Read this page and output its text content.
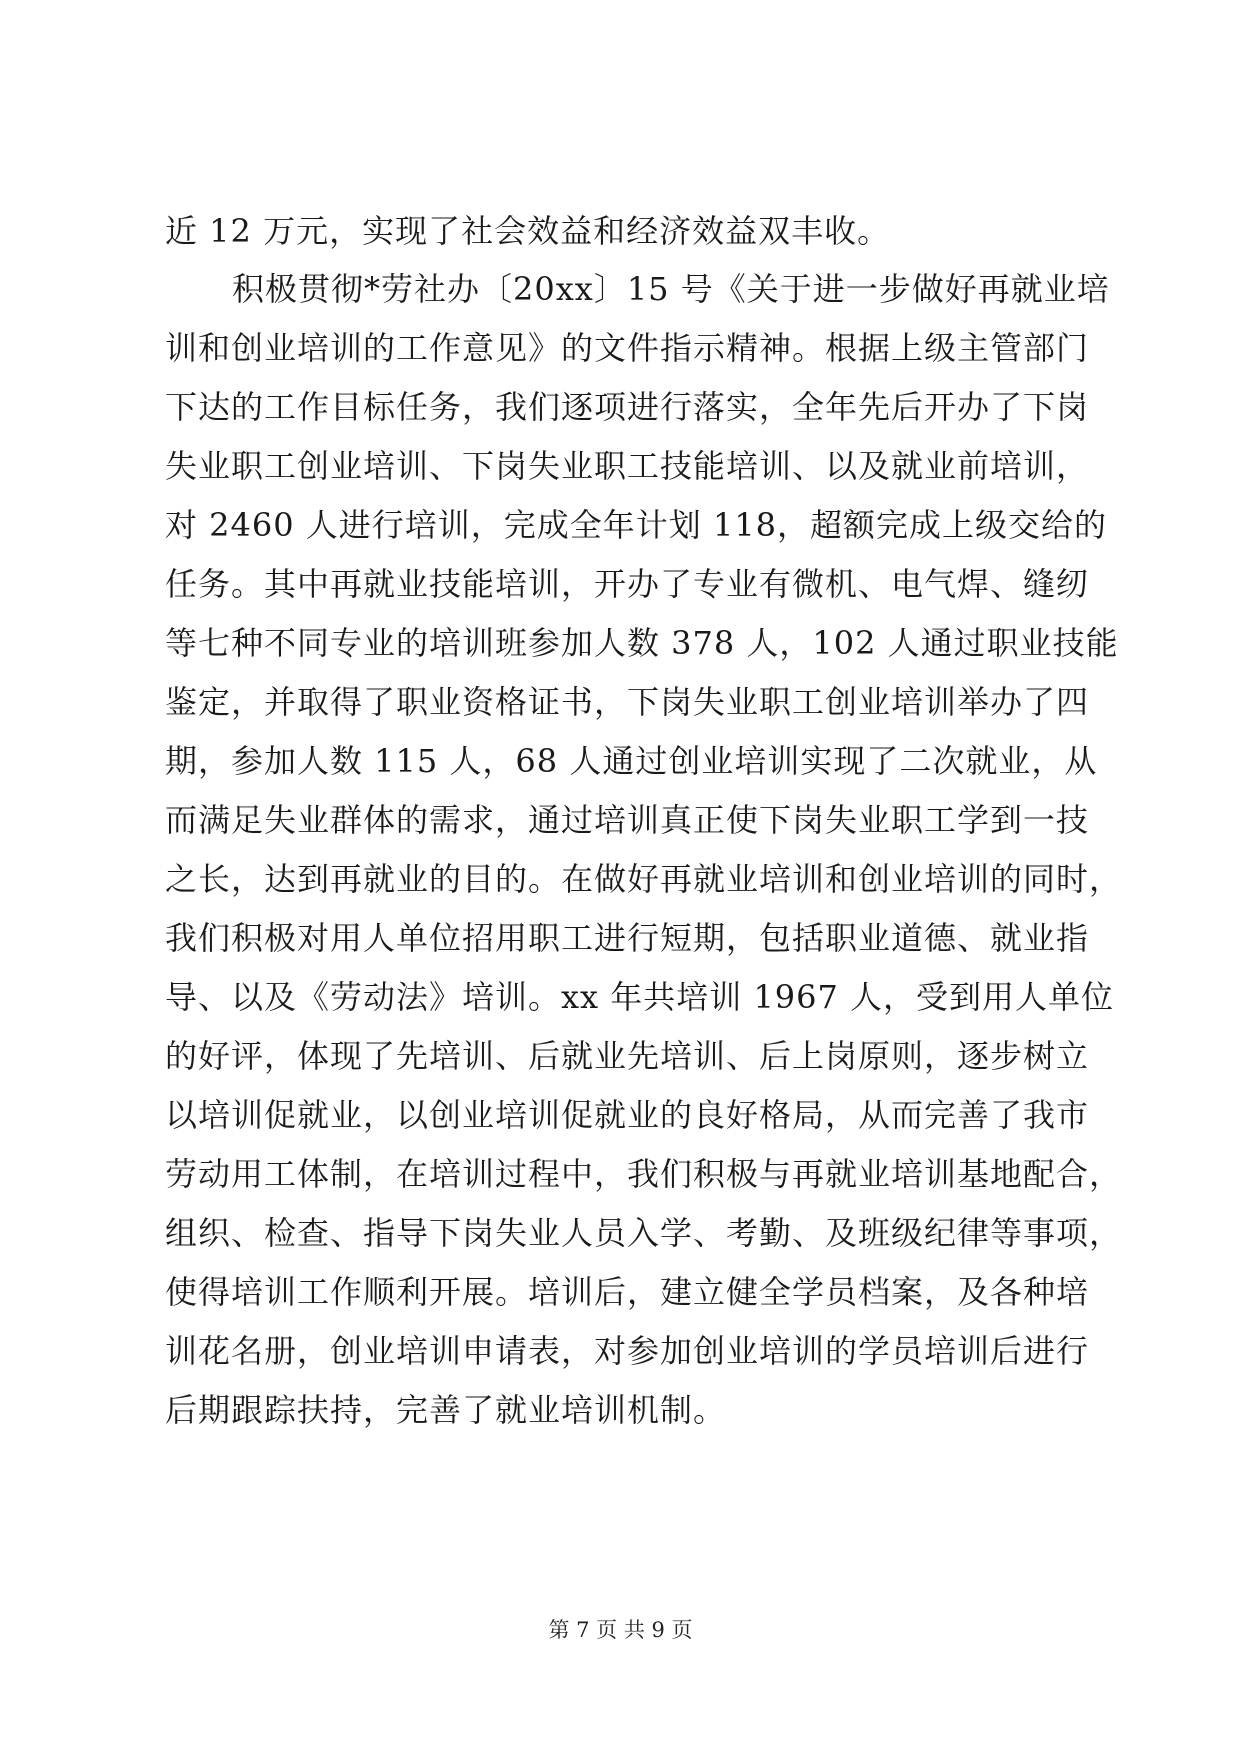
近 12 万元，实现了社会效益和经济效益双丰收。
积极贯彻*劳社办〔20xx〕15 号《关于进一步做好再就业培
训和创业培训的工作意见》的文件指示精神。根据上级主管部门
下达的工作目标任务，我们逐项进行落实，全年先后开办了下岗
失业职工创业培训、下岗失业职工技能培训、以及就业前培训，
对 2460 人进行培训，完成全年计划 118，超额完成上级交给的
任务。其中再就业技能培训，开办了专业有微机、电气焊、缝纫
等七种不同专业的培训班参加人数 378 人，102 人通过职业技能
鉴定，并取得了职业资格证书，下岗失业职工创业培训举办了四
期，参加人数 115 人，68 人通过创业培训实现了二次就业，从
而满足失业群体的需求，通过培训真正使下岗失业职工学到一技
之长，达到再就业的目的。在做好再就业培训和创业培训的同时，
我们积极对用人单位招用职工进行短期，包括职业道德、就业指
导、以及《劳动法》培训。xx 年共培训 1967 人，受到用人单位
的好评，体现了先培训、后就业先培训、后上岗原则，逐步树立
以培训促就业，以创业培训促就业的良好格局，从而完善了我市
劳动用工体制，在培训过程中，我们积极与再就业培训基地配合，
组织、检查、指导下岗失业人员入学、考勤、及班级纪律等事项，
使得培训工作顺利开展。培训后，建立健全学员档案，及各种培
训花名册，创业培训申请表，对参加创业培训的学员培训后进行
后期跟踪扶持，完善了就业培训机制。
第 7 页 共 9 页
